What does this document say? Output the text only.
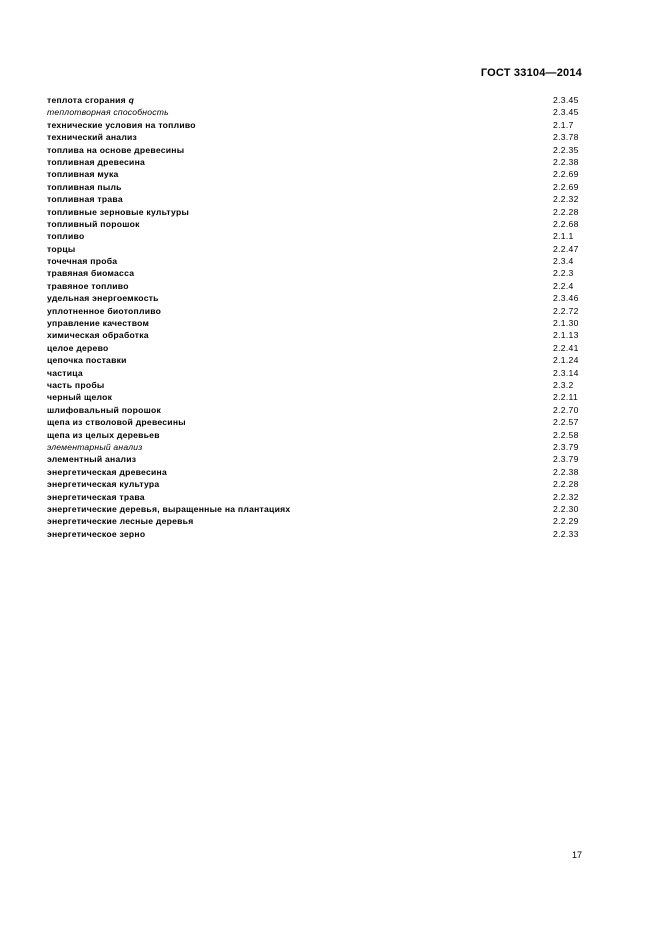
ГОСТ 33104—2014
теплота сгорания q	2.3.45
теплотворная способность	2.3.45
технические условия на топливо	2.1.7
технический анализ	2.3.78
топлива на основе древесины	2.2.35
топливная древесина	2.2.38
топливная мука	2.2.69
топливная пыль	2.2.69
топливная трава	2.2.32
топливные зерновые культуры	2.2.28
топливный порошок	2.2.68
топливо	2.1.1
торцы	2.2.47
точечная проба	2.3.4
травяная биомасса	2.2.3
травяное топливо	2.2.4
удельная энергоемкость	2.3.46
уплотненное биотопливо	2.2.72
управление качеством	2.1.30
химическая обработка	2.1.13
целое дерево	2.2.41
цепочка поставки	2.1.24
частица	2.3.14
часть пробы	2.3.2
черный щелок	2.2.11
шлифовальный порошок	2.2.70
щепа из стволовой древесины	2.2.57
щепа из целых деревьев	2.2.58
элементарный анализ	2.3.79
элементный анализ	2.3.79
энергетическая древесина	2.2.38
энергетическая культура	2.2.28
энергетическая трава	2.2.32
энергетические деревья, выращенные на плантациях	2.2.30
энергетические лесные деревья	2.2.29
энергетическое зерно	2.2.33
17
